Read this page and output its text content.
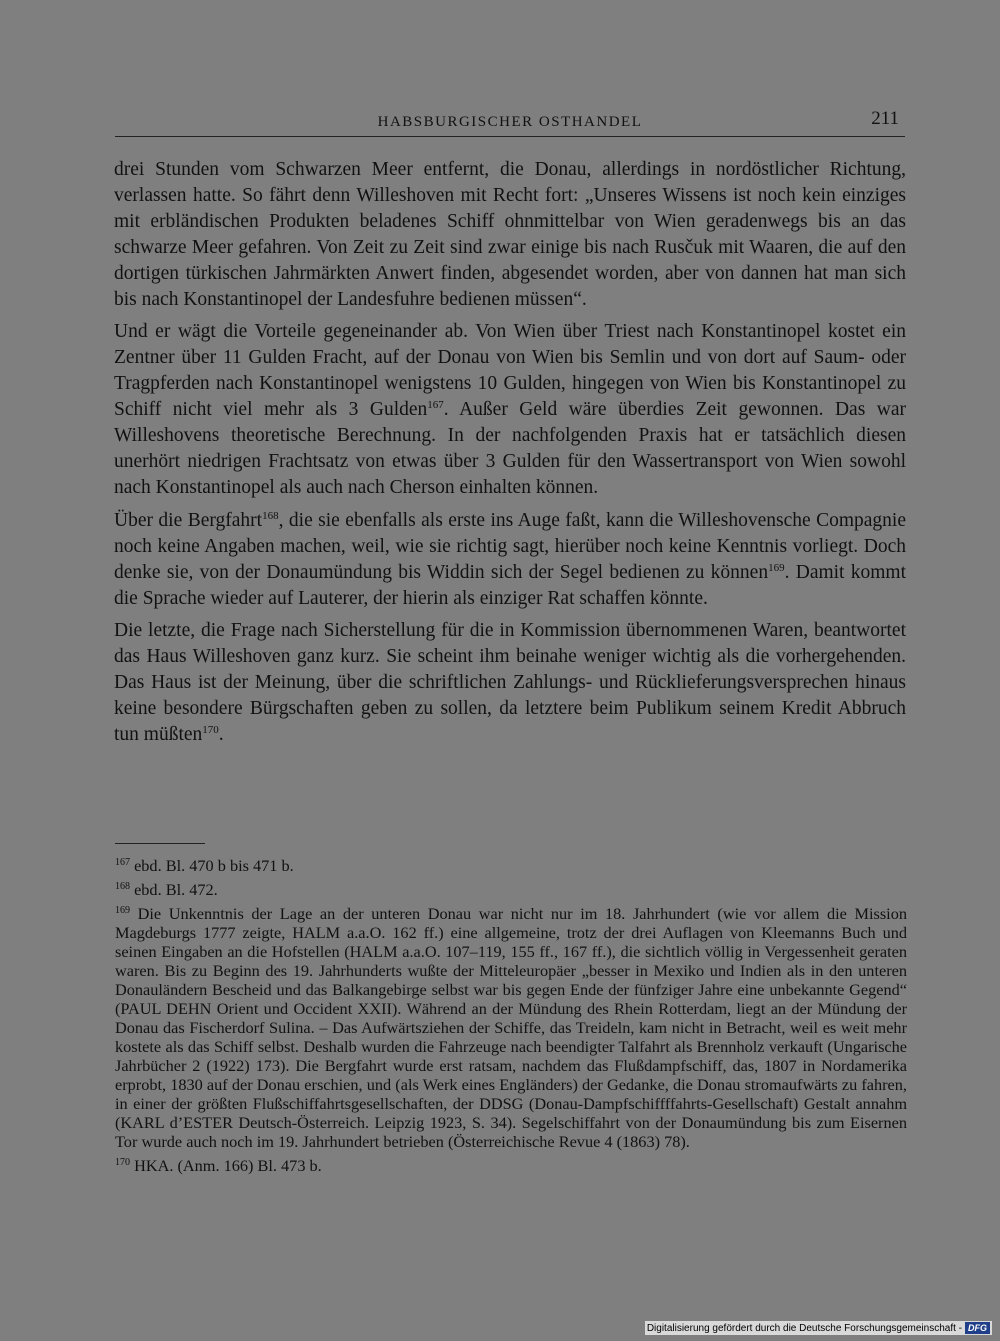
HABSBURGISCHER OSTHANDEL	211

drei Stunden vom Schwarzen Meer entfernt, die Donau, allerdings in nordöstlicher Richtung, verlassen hatte. So fährt denn Willeshoven mit Recht fort: „Unseres Wissens ist noch kein einziges mit erbländischen Produkten beladenes Schiff ohnmittelbar von Wien geradenwegs bis an das schwarze Meer gefahren. Von Zeit zu Zeit sind zwar einige bis nach Rusčuk mit Waaren, die auf den dortigen türkischen Jahrmärkten Anwert finden, abgesendet worden, aber von dannen hat man sich bis nach Konstantinopel der Landesfuhre bedienen müssen“.

Und er wägt die Vorteile gegeneinander ab. Von Wien über Triest nach Konstantinopel kostet ein Zentner über 11 Gulden Fracht, auf der Donau von Wien bis Semlin und von dort auf Saum- oder Tragpferden nach Konstantinopel wenigstens 10 Gulden, hingegen von Wien bis Konstantinopel zu Schiff nicht viel mehr als 3 Gulden$^{167}$. Außer Geld wäre überdies Zeit gewonnen. Das war Willeshovens theoretische Berechnung. In der nachfolgenden Praxis hat er tatsächlich diesen unerhört niedrigen Frachtsatz von etwas über 3 Gulden für den Wassertransport von Wien sowohl nach Konstantinopel als auch nach Cherson einhalten können.

Über die Bergfahrt$^{168}$, die sie ebenfalls als erste ins Auge faßt, kann die Willeshovensche Compagnie noch keine Angaben machen, weil, wie sie richtig sagt, hierüber noch keine Kenntnis vorliegt. Doch denke sie, von der Donaumündung bis Widdin sich der Segel bedienen zu können$^{169}$. Damit kommt die Sprache wieder auf Lauterer, der hierin als einziger Rat schaffen könnte.

Die letzte, die Frage nach Sicherstellung für die in Kommission übernommenen Waren, beantwortet das Haus Willeshoven ganz kurz. Sie scheint ihm beinahe weniger wichtig als die vorhergehenden. Das Haus ist der Meinung, über die schriftlichen Zahlungs- und Rücklieferungsversprechen hinaus keine besondere Bürgschaften geben zu sollen, da letztere beim Publikum seinem Kredit Abbruch tun müßten$^{170}$.

$^{167}$ ebd. Bl. 470 b bis 471 b.
$^{168}$ ebd. Bl. 472.
$^{169}$ Die Unkenntnis der Lage an der unteren Donau war nicht nur im 18. Jahrhundert (wie vor allem die Mission Magdeburgs 1777 zeigte, HALM a.a.O. 162 ff.) eine allgemeine, trotz der drei Auflagen von Kleemanns Buch und seinen Eingaben an die Hofstellen (HALM a.a.O. 107–119, 155 ff., 167 ff.), die sichtlich völlig in Vergessenheit geraten waren. Bis zu Beginn des 19. Jahrhunderts wußte der Mitteleuropäer „besser in Mexiko und Indien als in den unteren Donauländern Bescheid und das Balkangebirge selbst war bis gegen Ende der fünfziger Jahre eine unbekannte Gegend“ (PAUL DEHN Orient und Occident XXII). Während an der Mündung des Rhein Rotterdam, liegt an der Mündung der Donau das Fischerdorf Sulina. – Das Aufwärtsziehen der Schiffe, das Treideln, kam nicht in Betracht, weil es weit mehr kostete als das Schiff selbst. Deshalb wurden die Fahrzeuge nach beendigter Talfahrt als Brennholz verkauft (Ungarische Jahrbücher 2 (1922) 173). Die Bergfahrt wurde erst ratsam, nachdem das Flußdampfschiff, das, 1807 in Nordamerika erprobt, 1830 auf der Donau erschien, und (als Werk eines Engländers) der Gedanke, die Donau stromaufwärts zu fahren, in einer der größten Flußschiffahrtsgesellschaften, der DDSG (Donau-Dampfschiffffahrts-Gesellschaft) Gestalt annahm (KARL d’ESTER Deutsch-Österreich. Leipzig 1923, S. 34). Segelschiffahrt von der Donaumündung bis zum Eisernen Tor wurde auch noch im 19. Jahrhundert betrieben (Österreichische Revue 4 (1863) 78).
$^{170}$ HKA. (Anm. 166) Bl. 473 b.
Digitalisierung gefördert durch die Deutsche Forschungsgemeinschaft - DFG
